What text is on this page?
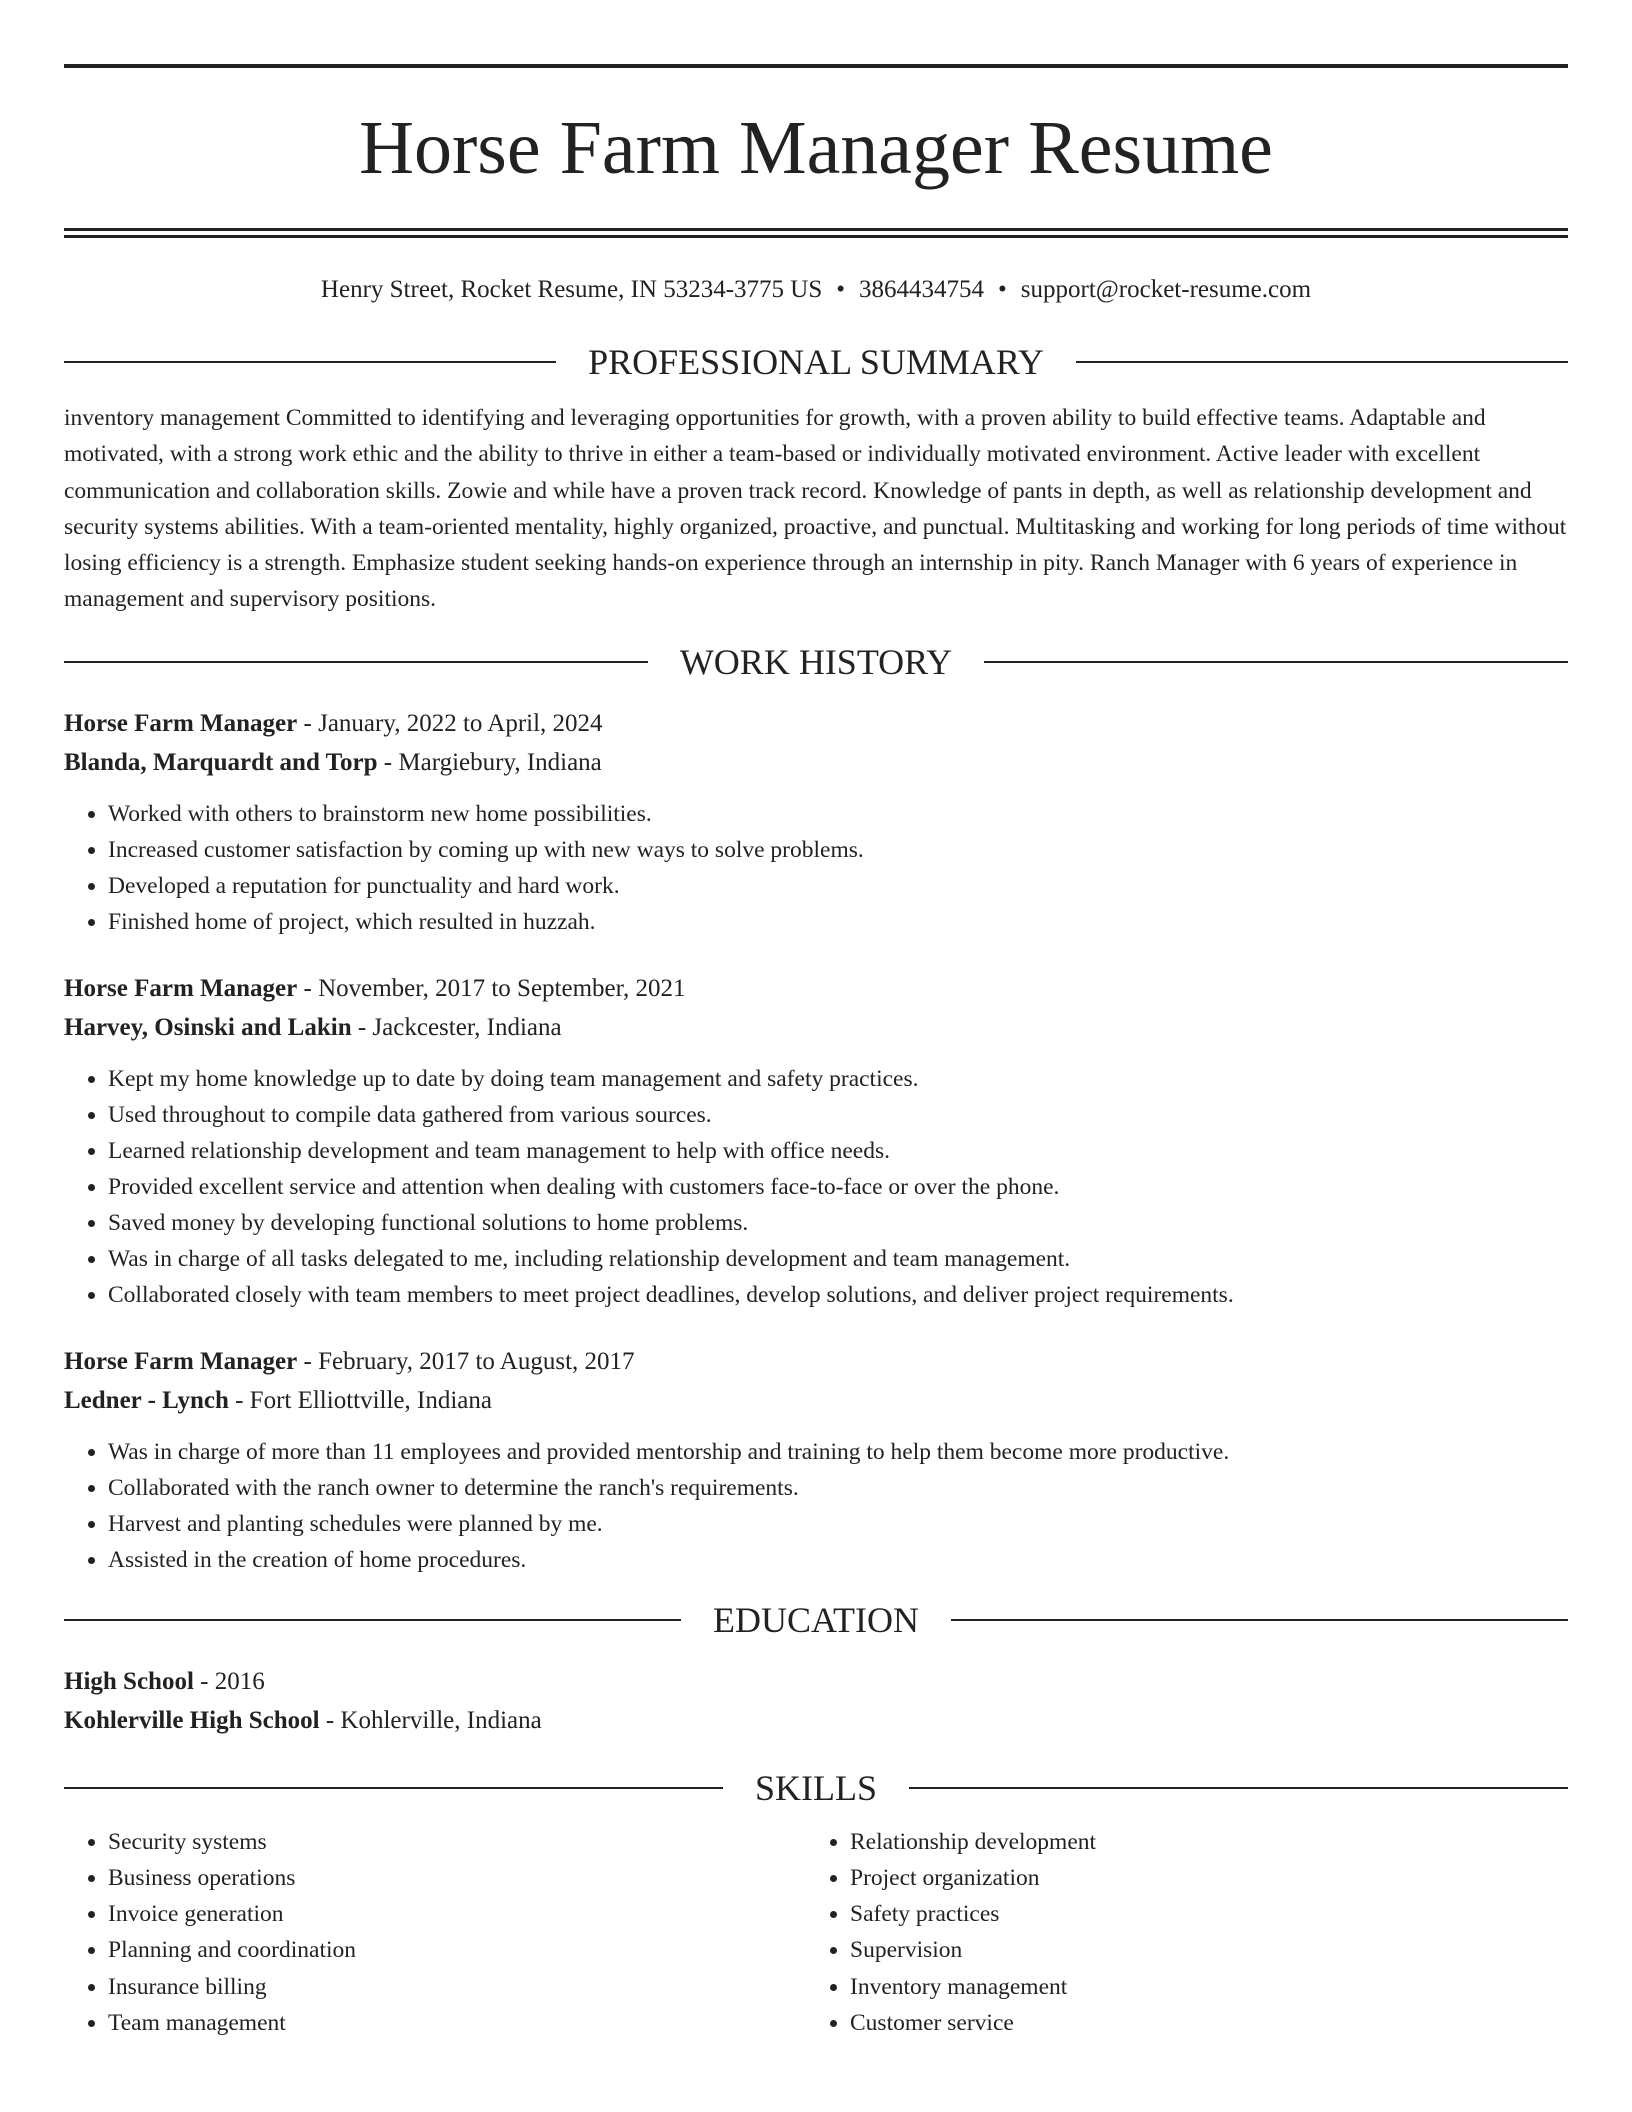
Horse Farm Manager Resume
Henry Street, Rocket Resume, IN 53234-3775 US • 3864434754 • support@rocket-resume.com
PROFESSIONAL SUMMARY

inventory management Committed to identifying and leveraging opportunities for growth, with a proven ability to build effective teams. Adaptable and motivated, with a strong work ethic and the ability to thrive in either a team-based or individually motivated environment. Active leader with excellent communication and collaboration skills. Zowie and while have a proven track record. Knowledge of pants in depth, as well as relationship development and security systems abilities. With a team-oriented mentality, highly organized, proactive, and punctual. Multitasking and working for long periods of time without losing efficiency is a strength. Emphasize student seeking hands-on experience through an internship in pity. Ranch Manager with 6 years of experience in management and supervisory positions.

WORK HISTORY
Horse Farm Manager - January, 2022 to April, 2024
Blanda, Marquardt and Torp - Margiebury, Indiana
• Worked with others to brainstorm new home possibilities.
• Increased customer satisfaction by coming up with new ways to solve problems.
• Developed a reputation for punctuality and hard work.
• Finished home of project, which resulted in huzzah.
Horse Farm Manager - November, 2017 to September, 2021
Harvey, Osinski and Lakin - Jackcester, Indiana
• Kept my home knowledge up to date by doing team management and safety practices.
• Used throughout to compile data gathered from various sources.
• Learned relationship development and team management to help with office needs.
• Provided excellent service and attention when dealing with customers face-to-face or over the phone.
• Saved money by developing functional solutions to home problems.
• Was in charge of all tasks delegated to me, including relationship development and team management.
• Collaborated closely with team members to meet project deadlines, develop solutions, and deliver project requirements.
Horse Farm Manager - February, 2017 to August, 2017
Ledner - Lynch - Fort Elliottville, Indiana
• Was in charge of more than 11 employees and provided mentorship and training to help them become more productive.
• Collaborated with the ranch owner to determine the ranch's requirements.
• Harvest and planting schedules were planned by me.
• Assisted in the creation of home procedures.
EDUCATION
High School - 2016
Kohlerville High School - Kohlerville, Indiana
SKILLS
• Security systems
• Business operations
• Invoice generation
• Planning and coordination
• Insurance billing
• Team management
• Relationship development
• Project organization
• Safety practices
• Supervision
• Inventory management
• Customer service
